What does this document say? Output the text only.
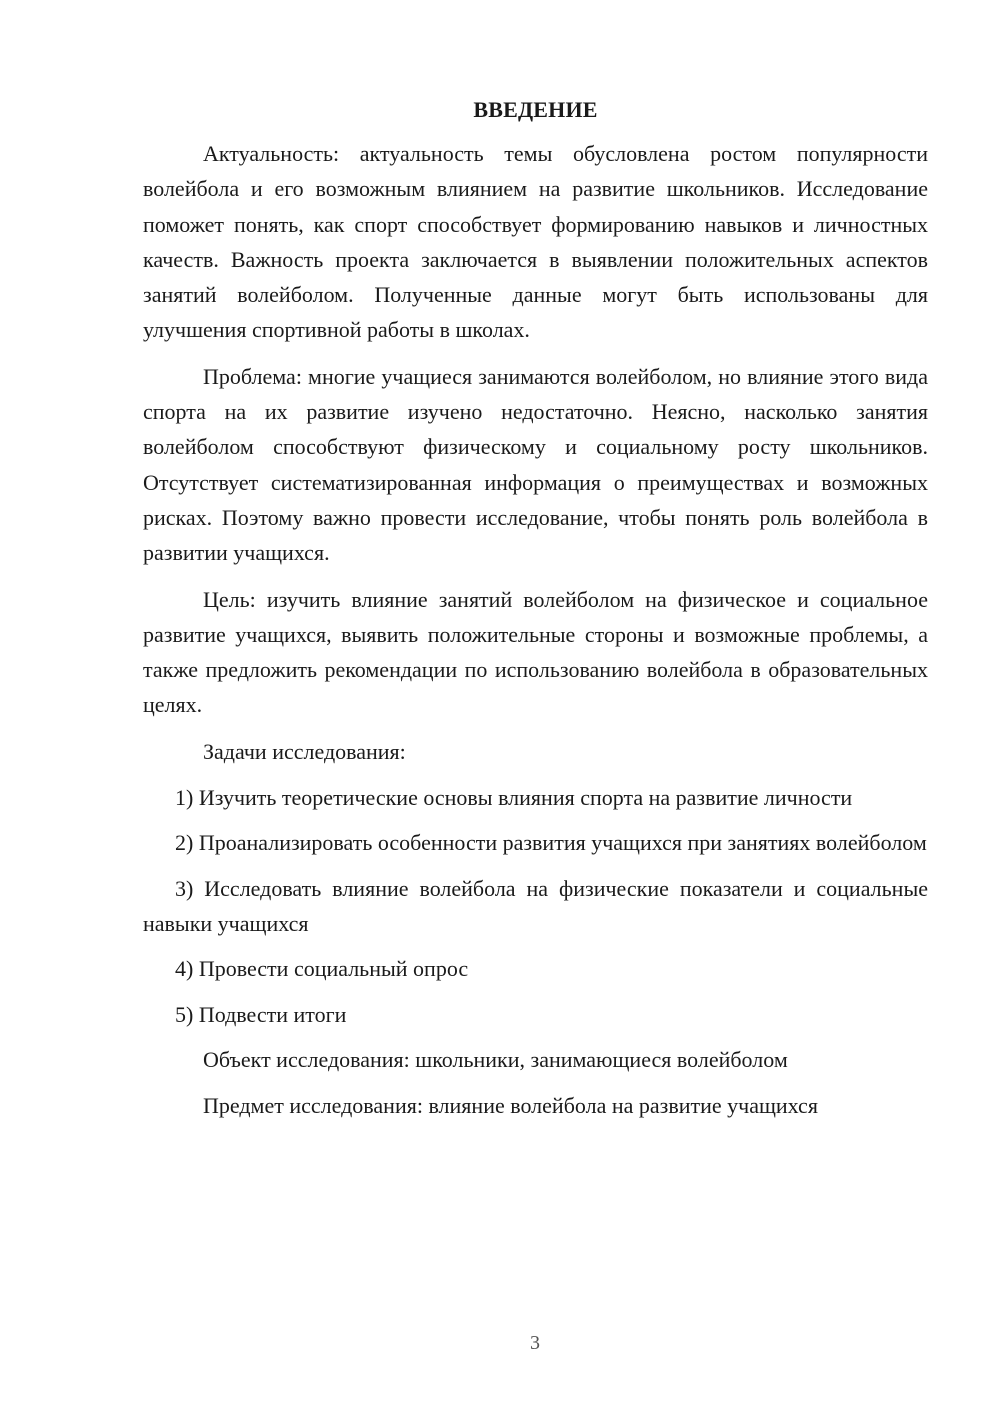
ВВЕДЕНИЕ

Актуальность: актуальность темы обусловлена ростом популярности волейбола и его возможным влиянием на развитие школьников. Исследование поможет понять, как спорт способствует формированию навыков и личностных качеств. Важность проекта заключается в выявлении положительных аспектов занятий волейболом. Полученные данные могут быть использованы для улучшения спортивной работы в школах.

Проблема: многие учащиеся занимаются волейболом, но влияние этого вида спорта на их развитие изучено недостаточно. Неясно, насколько занятия волейболом способствуют физическому и социальному росту школьников. Отсутствует систематизированная информация о преимуществах и возможных рисках. Поэтому важно провести исследование, чтобы понять роль волейбола в развитии учащихся.

Цель: изучить влияние занятий волейболом на физическое и социальное развитие учащихся, выявить положительные стороны и возможные проблемы, а также предложить рекомендации по использованию волейбола в образовательных целях.

Задачи исследования:

1) Изучить теоретические основы влияния спорта на развитие личности

2) Проанализировать особенности развития учащихся при занятиях волейболом

3) Исследовать влияние волейбола на физические показатели и социальные навыки учащихся

4) Провести социальный опрос

5) Подвести итоги

Объект исследования: школьники, занимающиеся волейболом

Предмет исследования: влияние волейбола на развитие учащихся

3
